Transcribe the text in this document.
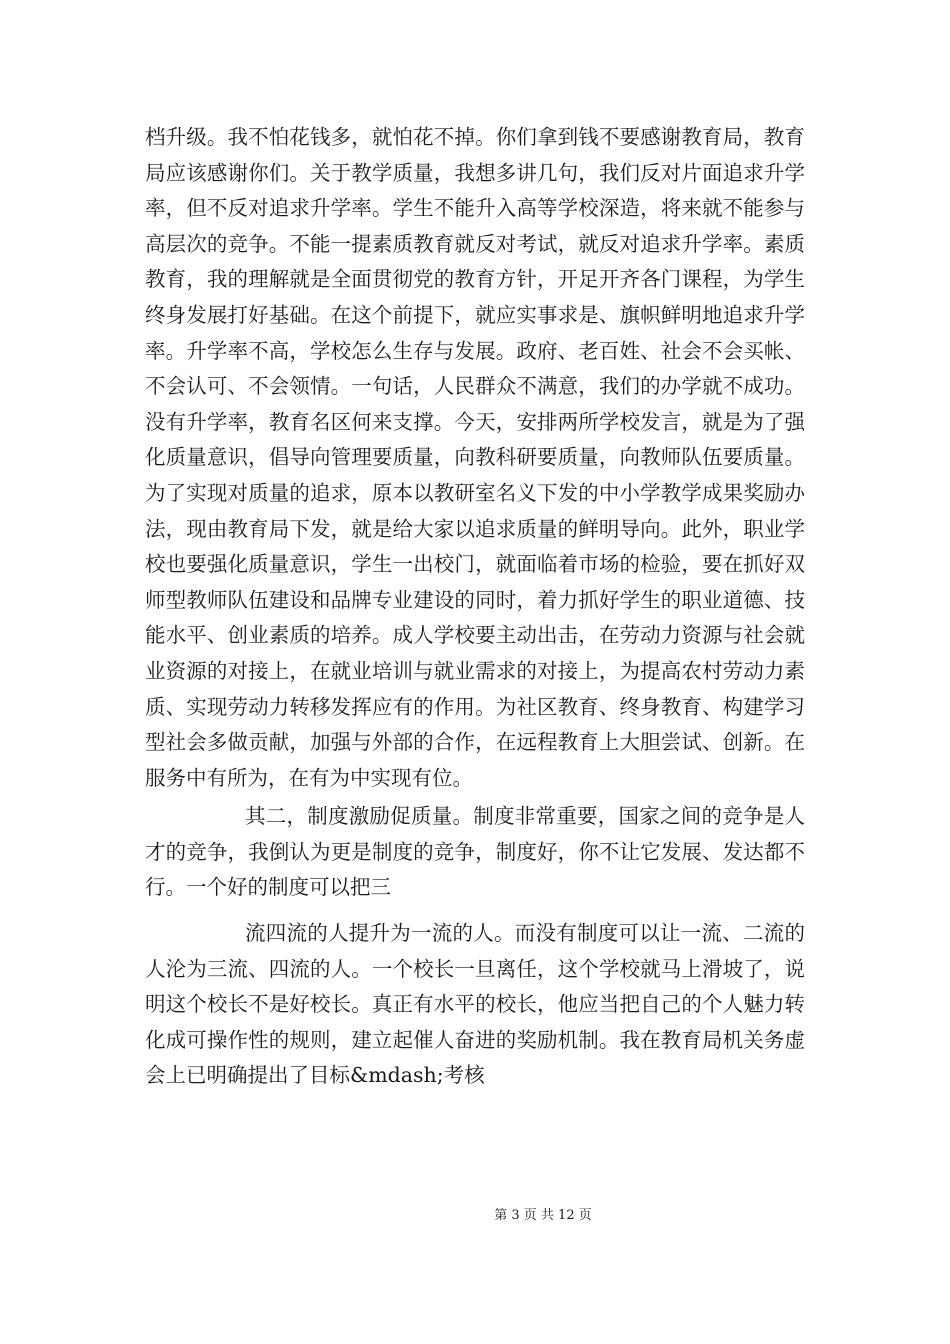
档升级。我不怕花钱多，就怕花不掉。你们拿到钱不要感谢教育局，教育局应该感谢你们。关于教学质量，我想多讲几句，我们反对片面追求升学率，但不反对追求升学率。学生不能升入高等学校深造，将来就不能参与高层次的竞争。不能一提素质教育就反对考试，就反对追求升学率。素质教育，我的理解就是全面贯彻党的教育方针，开足开齐各门课程，为学生终身发展打好基础。在这个前提下，就应实事求是、旗帜鲜明地追求升学率。升学率不高，学校怎么生存与发展。政府、老百姓、社会不会买帐、不会认可、不会领情。一句话，人民群众不满意，我们的办学就不成功。没有升学率，教育名区何来支撑。今天，安排两所学校发言，就是为了强化质量意识，倡导向管理要质量，向教科研要质量，向教师队伍要质量。为了实现对质量的追求，原本以教研室名义下发的中小学教学成果奖励办法，现由教育局下发，就是给大家以追求质量的鲜明导向。此外，职业学校也要强化质量意识，学生一出校门，就面临着市场的检验，要在抓好双师型教师队伍建设和品牌专业建设的同时，着力抓好学生的职业道德、技能水平、创业素质的培养。成人学校要主动出击，在劳动力资源与社会就业资源的对接上，在就业培训与就业需求的对接上，为提高农村劳动力素质、实现劳动力转移发挥应有的作用。为社区教育、终身教育、构建学习型社会多做贡献，加强与外部的合作，在远程教育上大胆尝试、创新。在服务中有所为，在有为中实现有位。

其二，制度激励促质量。制度非常重要，国家之间的竞争是人才的竞争，我倒认为更是制度的竞争，制度好，你不让它发展、发达都不行。一个好的制度可以把三

流四流的人提升为一流的人。而没有制度可以让一流、二流的人沦为三流、四流的人。一个校长一旦离任，这个学校就马上滑坡了，说明这个校长不是好校长。真正有水平的校长，他应当把自己的个人魅力转化成可操作性的规则，建立起催人奋进的奖励机制。我在教育局机关务虚会上已明确提出了目标&mdash;考核

第 3 页 共 12 页
